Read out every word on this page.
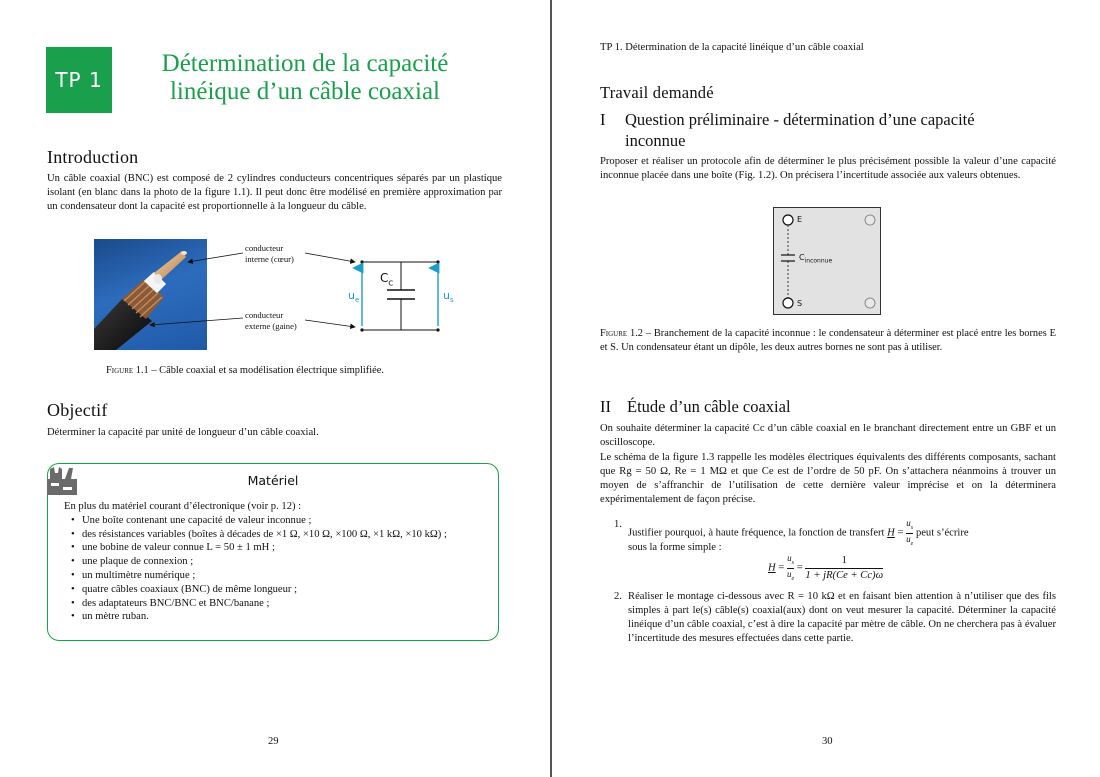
TP 1
Détermination de la capacité
linéique d’un câble coaxial
Introduction
Un câble coaxial (BNC) est composé de 2 cylindres conducteurs concentriques séparés par un plastique isolant (en blanc dans la photo de la figure 1.1). Il peut donc être modélisé en première approximation par un condensateur dont la capacité est proportionnelle à la longueur du câble.
conducteur
interne (cœur)
conducteur
externe (gaine)
$C_C$
$u_e$	$u_s$
Figure 1.1 – Câble coaxial et sa modélisation électrique simplifiée.
Objectif
Déterminer la capacité par unité de longueur d’un câble coaxial.
Matériel
En plus du matériel courant d’électronique (voir p. 12) :
• Une boîte contenant une capacité de valeur inconnue ;
• des résistances variables (boîtes à décades de ×1 Ω, ×10 Ω, ×100 Ω, ×1 kΩ, ×10 kΩ) ;
• une bobine de valeur connue L = 50 ± 1 mH ;
• une plaque de connexion ;
• un multimètre numérique ;
• quatre câbles coaxiaux (BNC) de même longueur ;
• des adaptateurs BNC/BNC et BNC/banane ;
• un mètre ruban.
29
TP 1. Détermination de la capacité linéique d’un câble coaxial
Travail demandé
I Question préliminaire - détermination d’une capacité
inconnue
Proposer et réaliser un protocole afin de déterminer le plus précisément possible la valeur d’une capacité inconnue placée dans une boîte (Fig. 1.2). On précisera l’incertitude associée aux valeurs obtenues.
E
S
$C_{inconnue}$
Figure 1.2 – Branchement de la capacité inconnue : le condensateur à déterminer est placé entre les bornes E et S. Un condensateur étant un dipôle, les deux autres bornes ne sont pas à utiliser.
II Étude d’un câble coaxial
On souhaite déterminer la capacité Cc d’un câble coaxial en le branchant directement entre un GBF et un oscilloscope.
Le schéma de la figure 1.3 rappelle les modèles électriques équivalents des différents composants, sachant que Rg = 50 Ω, Re = 1 MΩ et que Ce est de l’ordre de 50 pF. On s’attachera néanmoins à trouver un moyen de s’affranchir de l’utilisation de cette dernière valeur imprécise et on la déterminera expérimentalement de façon précise.
1.
Justifier pourquoi, à haute fréquence, la fonction de transfert $H = \frac{u_s}{u_e}$ peut s’écrire
sous la forme simple :
$H = \frac{u_s}{u_e} = \frac{1}{1 + jR(Ce + Cc)\omega}$
2. Réaliser le montage ci-dessous avec R = 10 kΩ et en faisant bien attention à n’utiliser que des fils simples à part le(s) câble(s) coaxial(aux) dont on veut mesurer la capacité. Déterminer la capacité linéique d’un câble coaxial, c’est à dire la capacité par mètre de câble. On ne cherchera pas à évaluer l’incertitude des mesures effectuées dans cette partie.
30
